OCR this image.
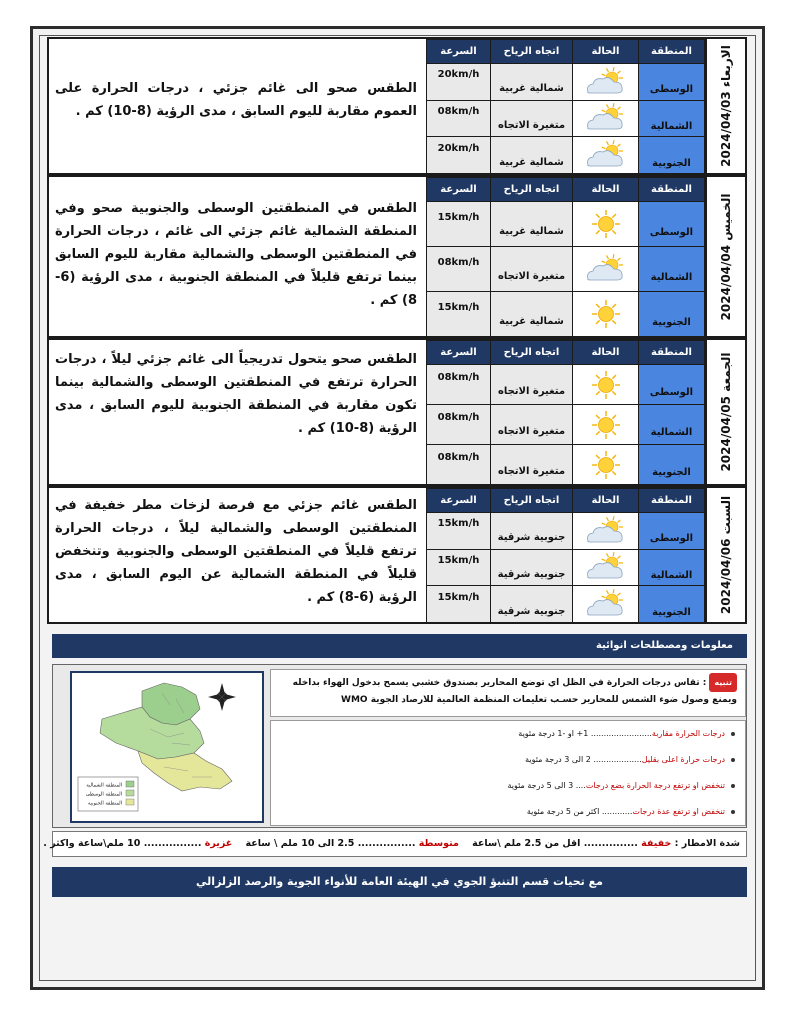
الطقس صحو الى غائم جزئي ، درجات الحرارة على العموم مقاربة لليوم السابق ، مدى الرؤية (8-10) كم .
السرعة	اتجاه الرياح	الحالة	المنطقة

20km/h	شمالية غربية		الوسطى

08km/h	متغيرة الاتجاه		الشمالية

20km/h	شمالية غربية		الجنوبية	الاربعاء 2024/04/03
الطقس في المنطقتين الوسطى والجنوبية صحو وفي المنطقة الشمالية غائم جزئي الى غائم ، درجات الحرارة في المنطقتين الوسطى والشمالية مقاربة لليوم السابق بينما ترتفع قليلاً في المنطقة الجنوبية ، مدى الرؤية (6-8) كم .
السرعة	اتجاه الرياح	الحالة	المنطقة

15km/h	شمالية غربية		الوسطى

08km/h	متغيرة الاتجاه		الشمالية

15km/h	شمالية غربية		الجنوبية
الخميس 2024/04/04
الطقس صحو يتحول تدريجياً الى غائم جزئي ليلاً ، درجات الحرارة ترتفع في المنطقتين الوسطى والشمالية بينما تكون مقاربة في المنطقة الجنوبية لليوم السابق ، مدى الرؤية (8-10) كم .
السرعة	اتجاه الرياح	الحالة	المنطقة

08km/h	متغيرة الاتجاه		الوسطى

08km/h	متغيرة الاتجاه		الشمالية

08km/h	متغيرة الاتجاه		الجنوبية
الجمعة 2024/04/05
الطقس غائم جزئي مع فرصة لزخات مطر خفيفة في المنطقتين الوسطى والشمالية ليلاً ، درجات الحرارة ترتفع قليلاً في المنطقتين الوسطى والجنوبية وتنخفض قليلاً في المنطقة الشمالية عن اليوم السابق ، مدى الرؤية (6-8) كم .
السرعة	اتجاه الرياح	الحالة	المنطقة

15km/h	جنوبية شرقية		الوسطى

15km/h	جنوبية شرقية		الشمالية

15km/h	جنوبية شرقية		الجنوبية	السبت 2024/04/06
معلومات ومصطلحات انوائية
المنطقة الشمالية
المنطقة الوسطى
المنطقة الجنوبية
تنبيه: تقاس درجات الحرارة في الظل اي توضع المحارير بصندوق خشبي يسمح بدخول الهواء بداخله
ويمنع وصول ضوء الشمس للمحارير حسـب تعليمات المنظمة العالمية للارصاد الجوية WMO
درجات الحرارة مقاربة........................ 1+ او -1 درجة مئوية
درجات حرارة اعلى بقليل................... 2 الى 3 درجة مئوية
تنخفض او ترتفع درجة الحرارة بضع درجات.... 3 الى 5 درجة مئوية
تنخفض او ترتفع عدة درجات............ اكثر من 5 درجة مئوية
شدة الامطار : خفيفة ............... اقل من 2.5 ملم \ساعة    متوسطة ................ 2.5 الى 10 ملم \ ساعة    غزيرة ................ 10 ملم\ساعة واكثر .
مع تحيات قسم التنبؤ الجوي في الهيئة العامة للأنواء الجوية والرصد الزلزالي
